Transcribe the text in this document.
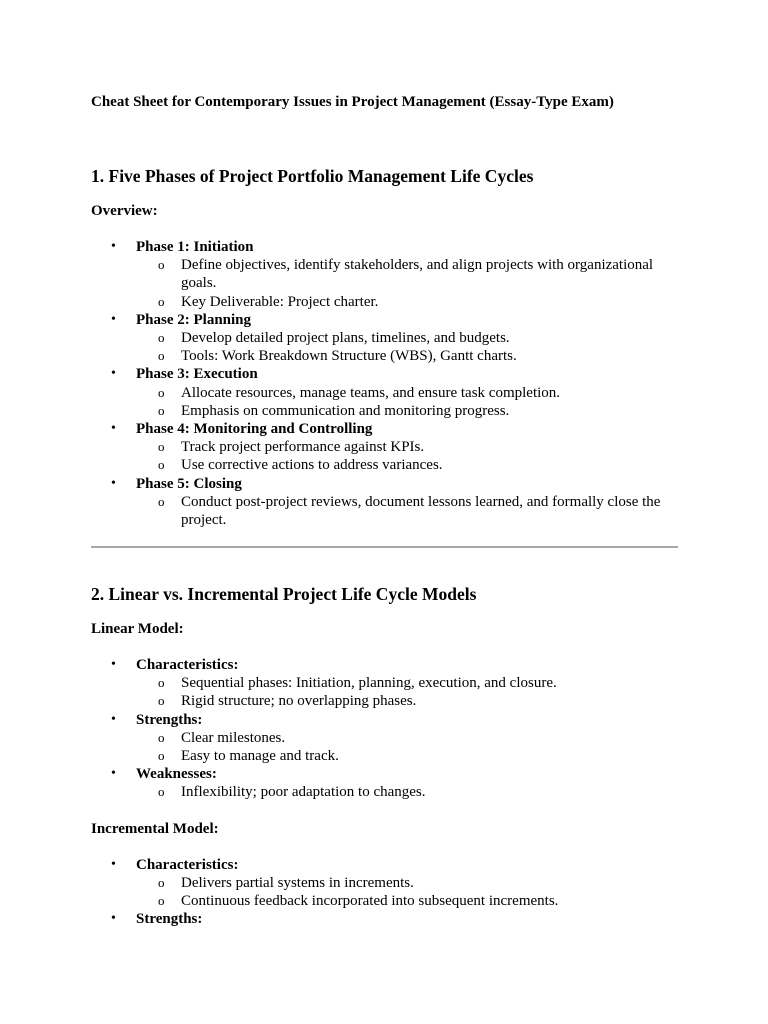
Cheat Sheet for Contemporary Issues in Project Management (Essay-Type Exam)
1. Five Phases of Project Portfolio Management Life Cycles

Overview:

• Phase 1: Initiation
o Define objectives, identify stakeholders, and align projects with organizational goals.
o Key Deliverable: Project charter.
• Phase 2: Planning
o Develop detailed project plans, timelines, and budgets.
o Tools: Work Breakdown Structure (WBS), Gantt charts.
• Phase 3: Execution
o Allocate resources, manage teams, and ensure task completion.
o Emphasis on communication and monitoring progress.
• Phase 4: Monitoring and Controlling
o Track project performance against KPIs.
o Use corrective actions to address variances.
• Phase 5: Closing
o Conduct post-project reviews, document lessons learned, and formally close the project.
2. Linear vs. Incremental Project Life Cycle Models

Linear Model:

• Characteristics:
o Sequential phases: Initiation, planning, execution, and closure.
o Rigid structure; no overlapping phases.
• Strengths:
o Clear milestones.
o Easy to manage and track.
• Weaknesses:
o Inflexibility; poor adaptation to changes.

Incremental Model:

• Characteristics:
o Delivers partial systems in increments.
o Continuous feedback incorporated into subsequent increments.
• Strengths:
